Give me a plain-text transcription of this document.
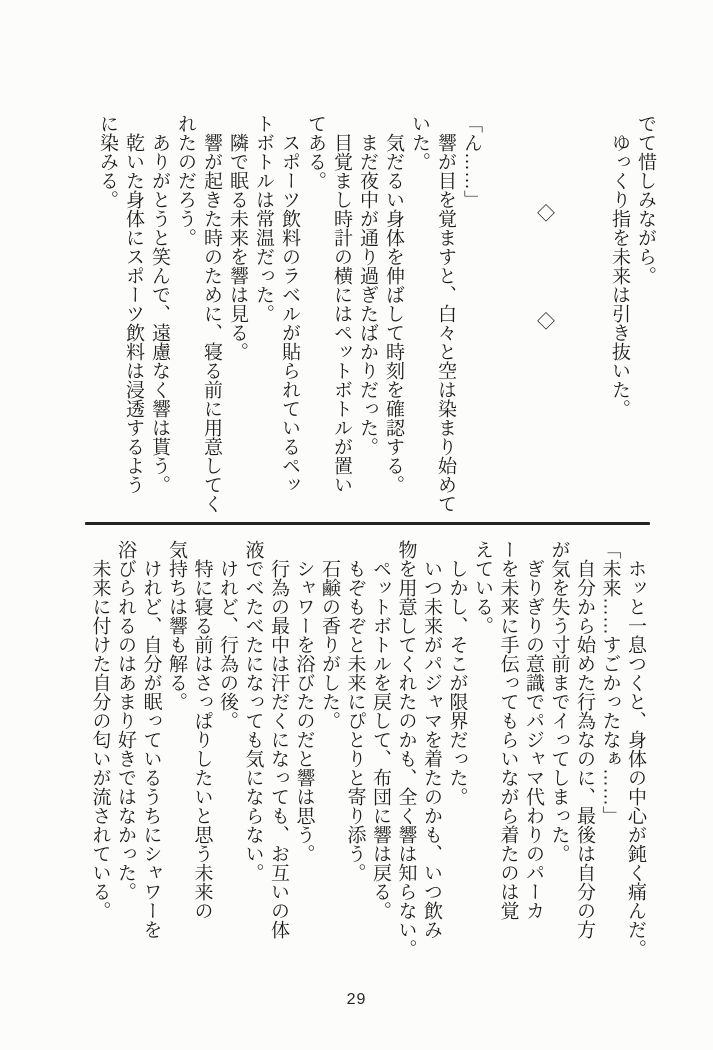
でて惜しみながら。
　ゆっくり指を未来は引き抜いた。
　　　　　◇　　　　　◇
「ん……」
　響が目を覚ますと、白々と空は染まり始めて
いた。
　気だるい身体を伸ばして時刻を確認する。
　まだ夜中が通り過ぎたばかりだった。
　目覚まし時計の横にはペットボトルが置い
てある。
　スポーツ飲料のラベルが貼られているペッ
トボトルは常温だった。
　隣で眠る未来を響は見る。
　響が起きた時のために、寝る前に用意してく
れたのだろう。
　ありがとうと笑んで、遠慮なく響は貰う。
　乾いた身体にスポーツ飲料は浸透するよう
に染みる。
　ホッと一息つくと、身体の中心が鈍く痛んだ。
「未来……すごかったなぁ……」
　自分から始めた行為なのに、最後は自分の方
が気を失う寸前までイってしまった。
　ぎりぎりの意識でパジャマ代わりのパーカ
ーを未来に手伝ってもらいながら着たのは覚
えている。
　しかし、そこが限界だった。
　いつ未来がパジャマを着たのかも、いつ飲み
物を用意してくれたのかも、全く響は知らない。
　ペットボトルを戻して、布団に響は戻る。
　もぞもぞと未来にぴとりと寄り添う。
　石鹸の香りがした。
　シャワーを浴びたのだと響は思う。
　行為の最中は汗だくになっても、お互いの体
液でべたべたになっても気にならない。
　けれど、行為の後。
　特に寝る前はさっぱりしたいと思う未来の
気持ちは響も解る。
　けれど、自分が眠っているうちにシャワーを
浴びられるのはあまり好きではなかった。
　未来に付けた自分の匂いが流されている。
29
